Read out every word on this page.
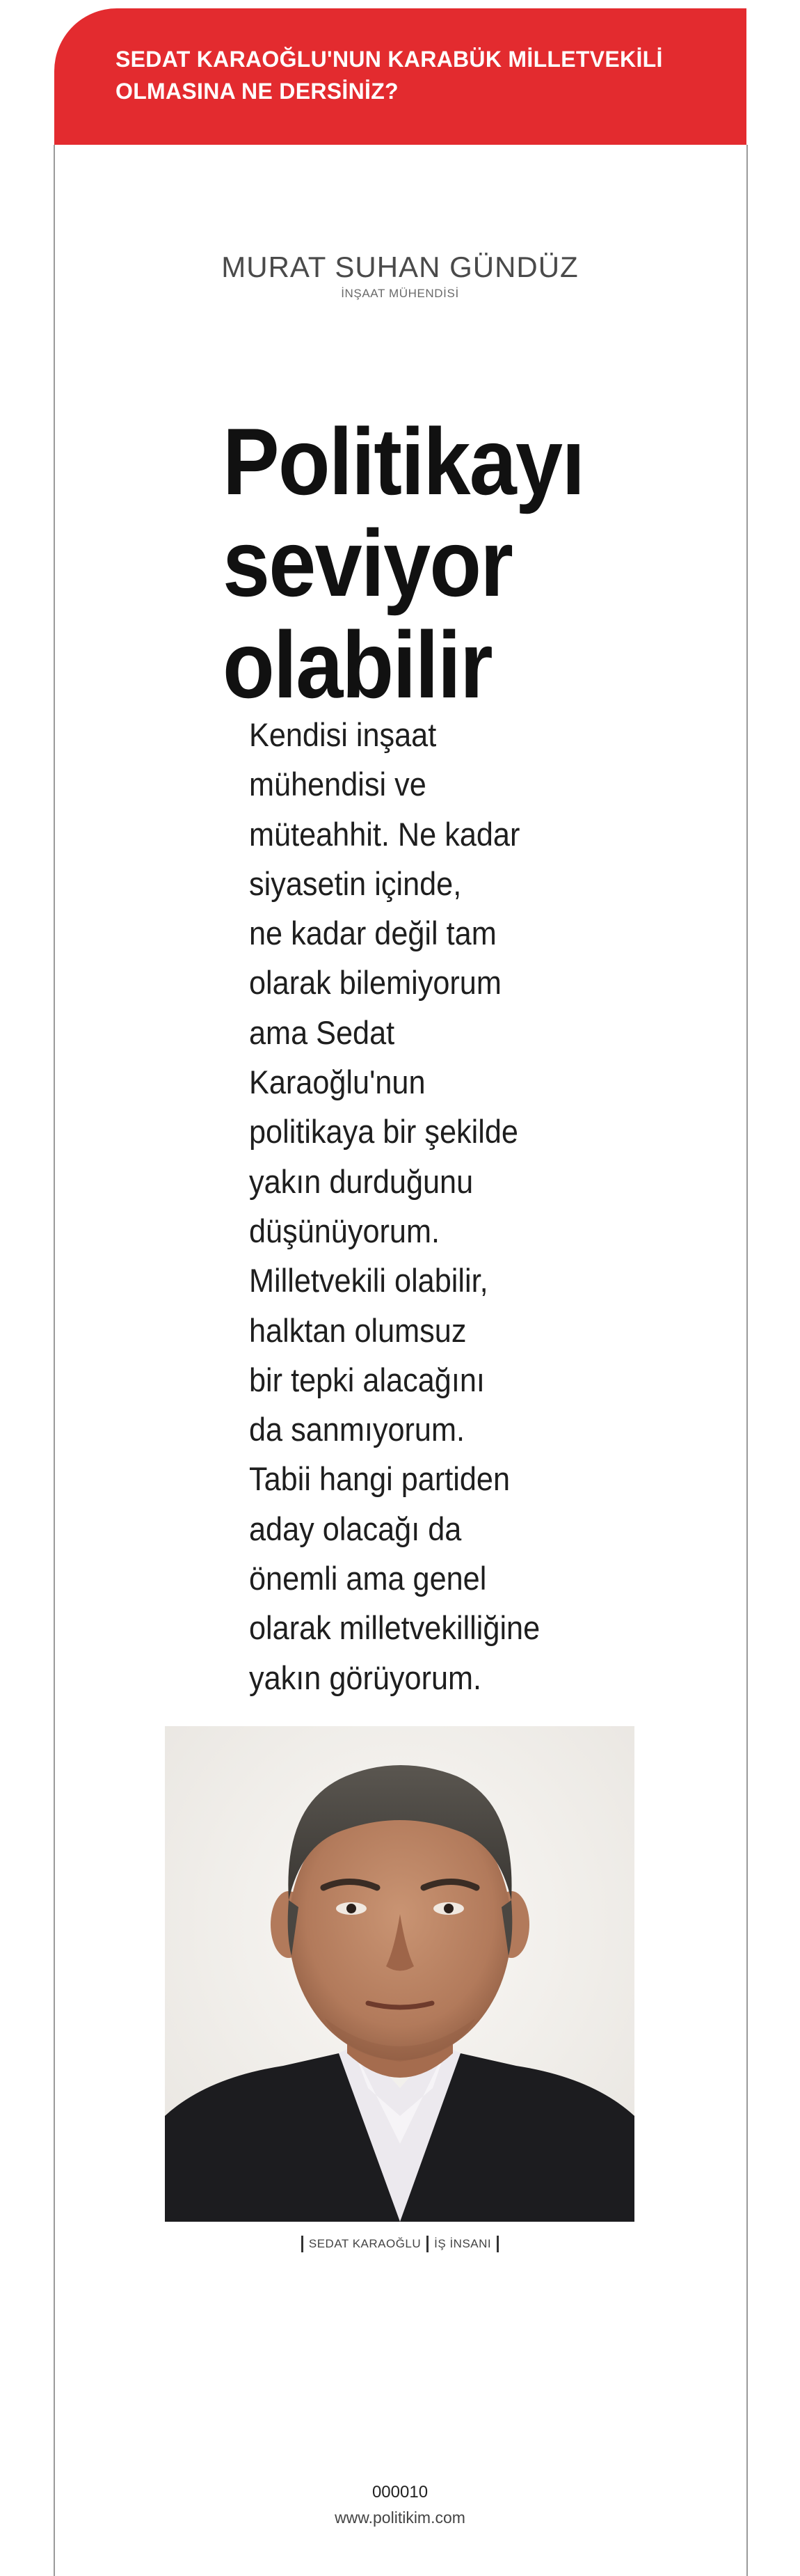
SEDAT KARAOĞLU'NUN KARABÜK MİLLETVEKİLİ
OLMASINA NE DERSİNİZ?
MURAT SUHAN GÜNDÜZ
İNŞAAT MÜHENDİSİ
Politikayı
seviyor
olabilir
Kendisi inşaat
mühendisi ve
müteahhit. Ne kadar
siyasetin içinde,
ne kadar değil tam
olarak bilemiyorum
ama Sedat
Karaoğlu'nun
politikaya bir şekilde
yakın durduğunu
düşünüyorum.
Milletvekili olabilir,
halktan olumsuz
bir tepki alacağını
da sanmıyorum.
Tabii hangi partiden
aday olacağı da
önemli ama genel
olarak milletvekilliğine
yakın görüyorum.
SEDAT KARAOĞLU İŞ İNSANI
000010
www.politikim.com
